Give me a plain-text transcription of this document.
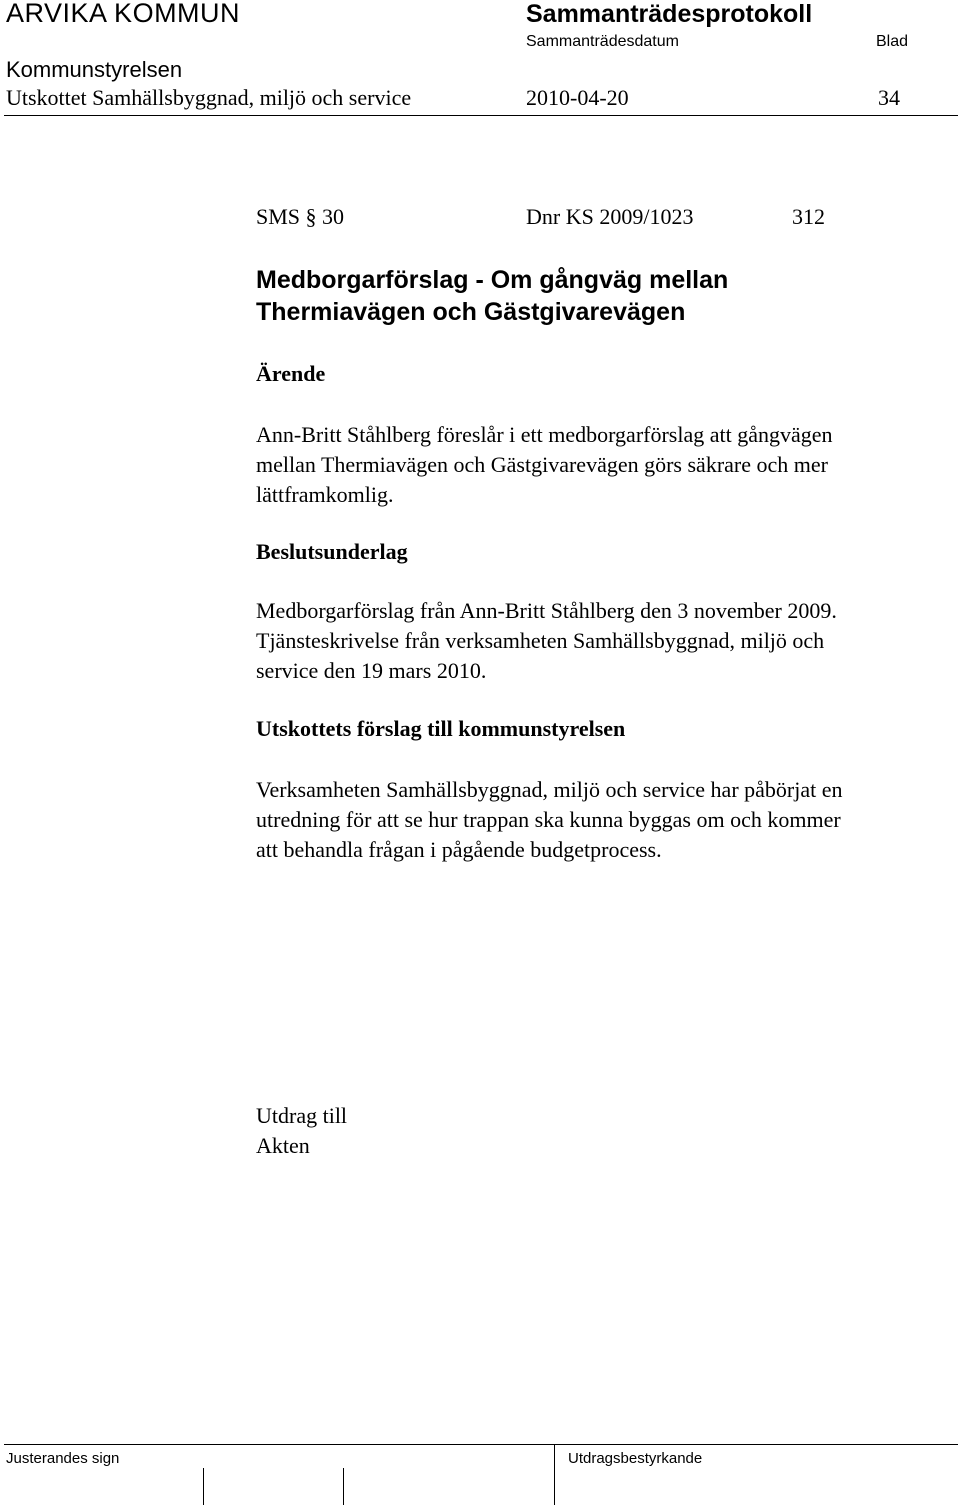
ARVIKA KOMMUN	Sammanträdesprotokoll
Sammanträdesdatum	Blad
Kommunstyrelsen
Utskottet Samhällsbyggnad, miljö och service	2010-04-20	34
SMS § 30	Dnr KS 2009/1023	312
Medborgarförslag - Om gångväg mellan
Thermiavägen och Gästgivarevägen
Ärende
Ann-Britt Ståhlberg föreslår i ett medborgarförslag att gångvägen
mellan Thermiavägen och Gästgivarevägen görs säkrare och mer
lättframkomlig.
Beslutsunderlag
Medborgarförslag från Ann-Britt Ståhlberg den 3 november 2009.
Tjänsteskrivelse från verksamheten Samhällsbyggnad, miljö och
service den 19 mars 2010.
Utskottets förslag till kommunstyrelsen
Verksamheten Samhällsbyggnad, miljö och service har påbörjat en
utredning för att se hur trappan ska kunna byggas om och kommer
att behandla frågan i pågående budgetprocess.
Utdrag till
Akten
Justerandes sign	Utdragsbestyrkande
